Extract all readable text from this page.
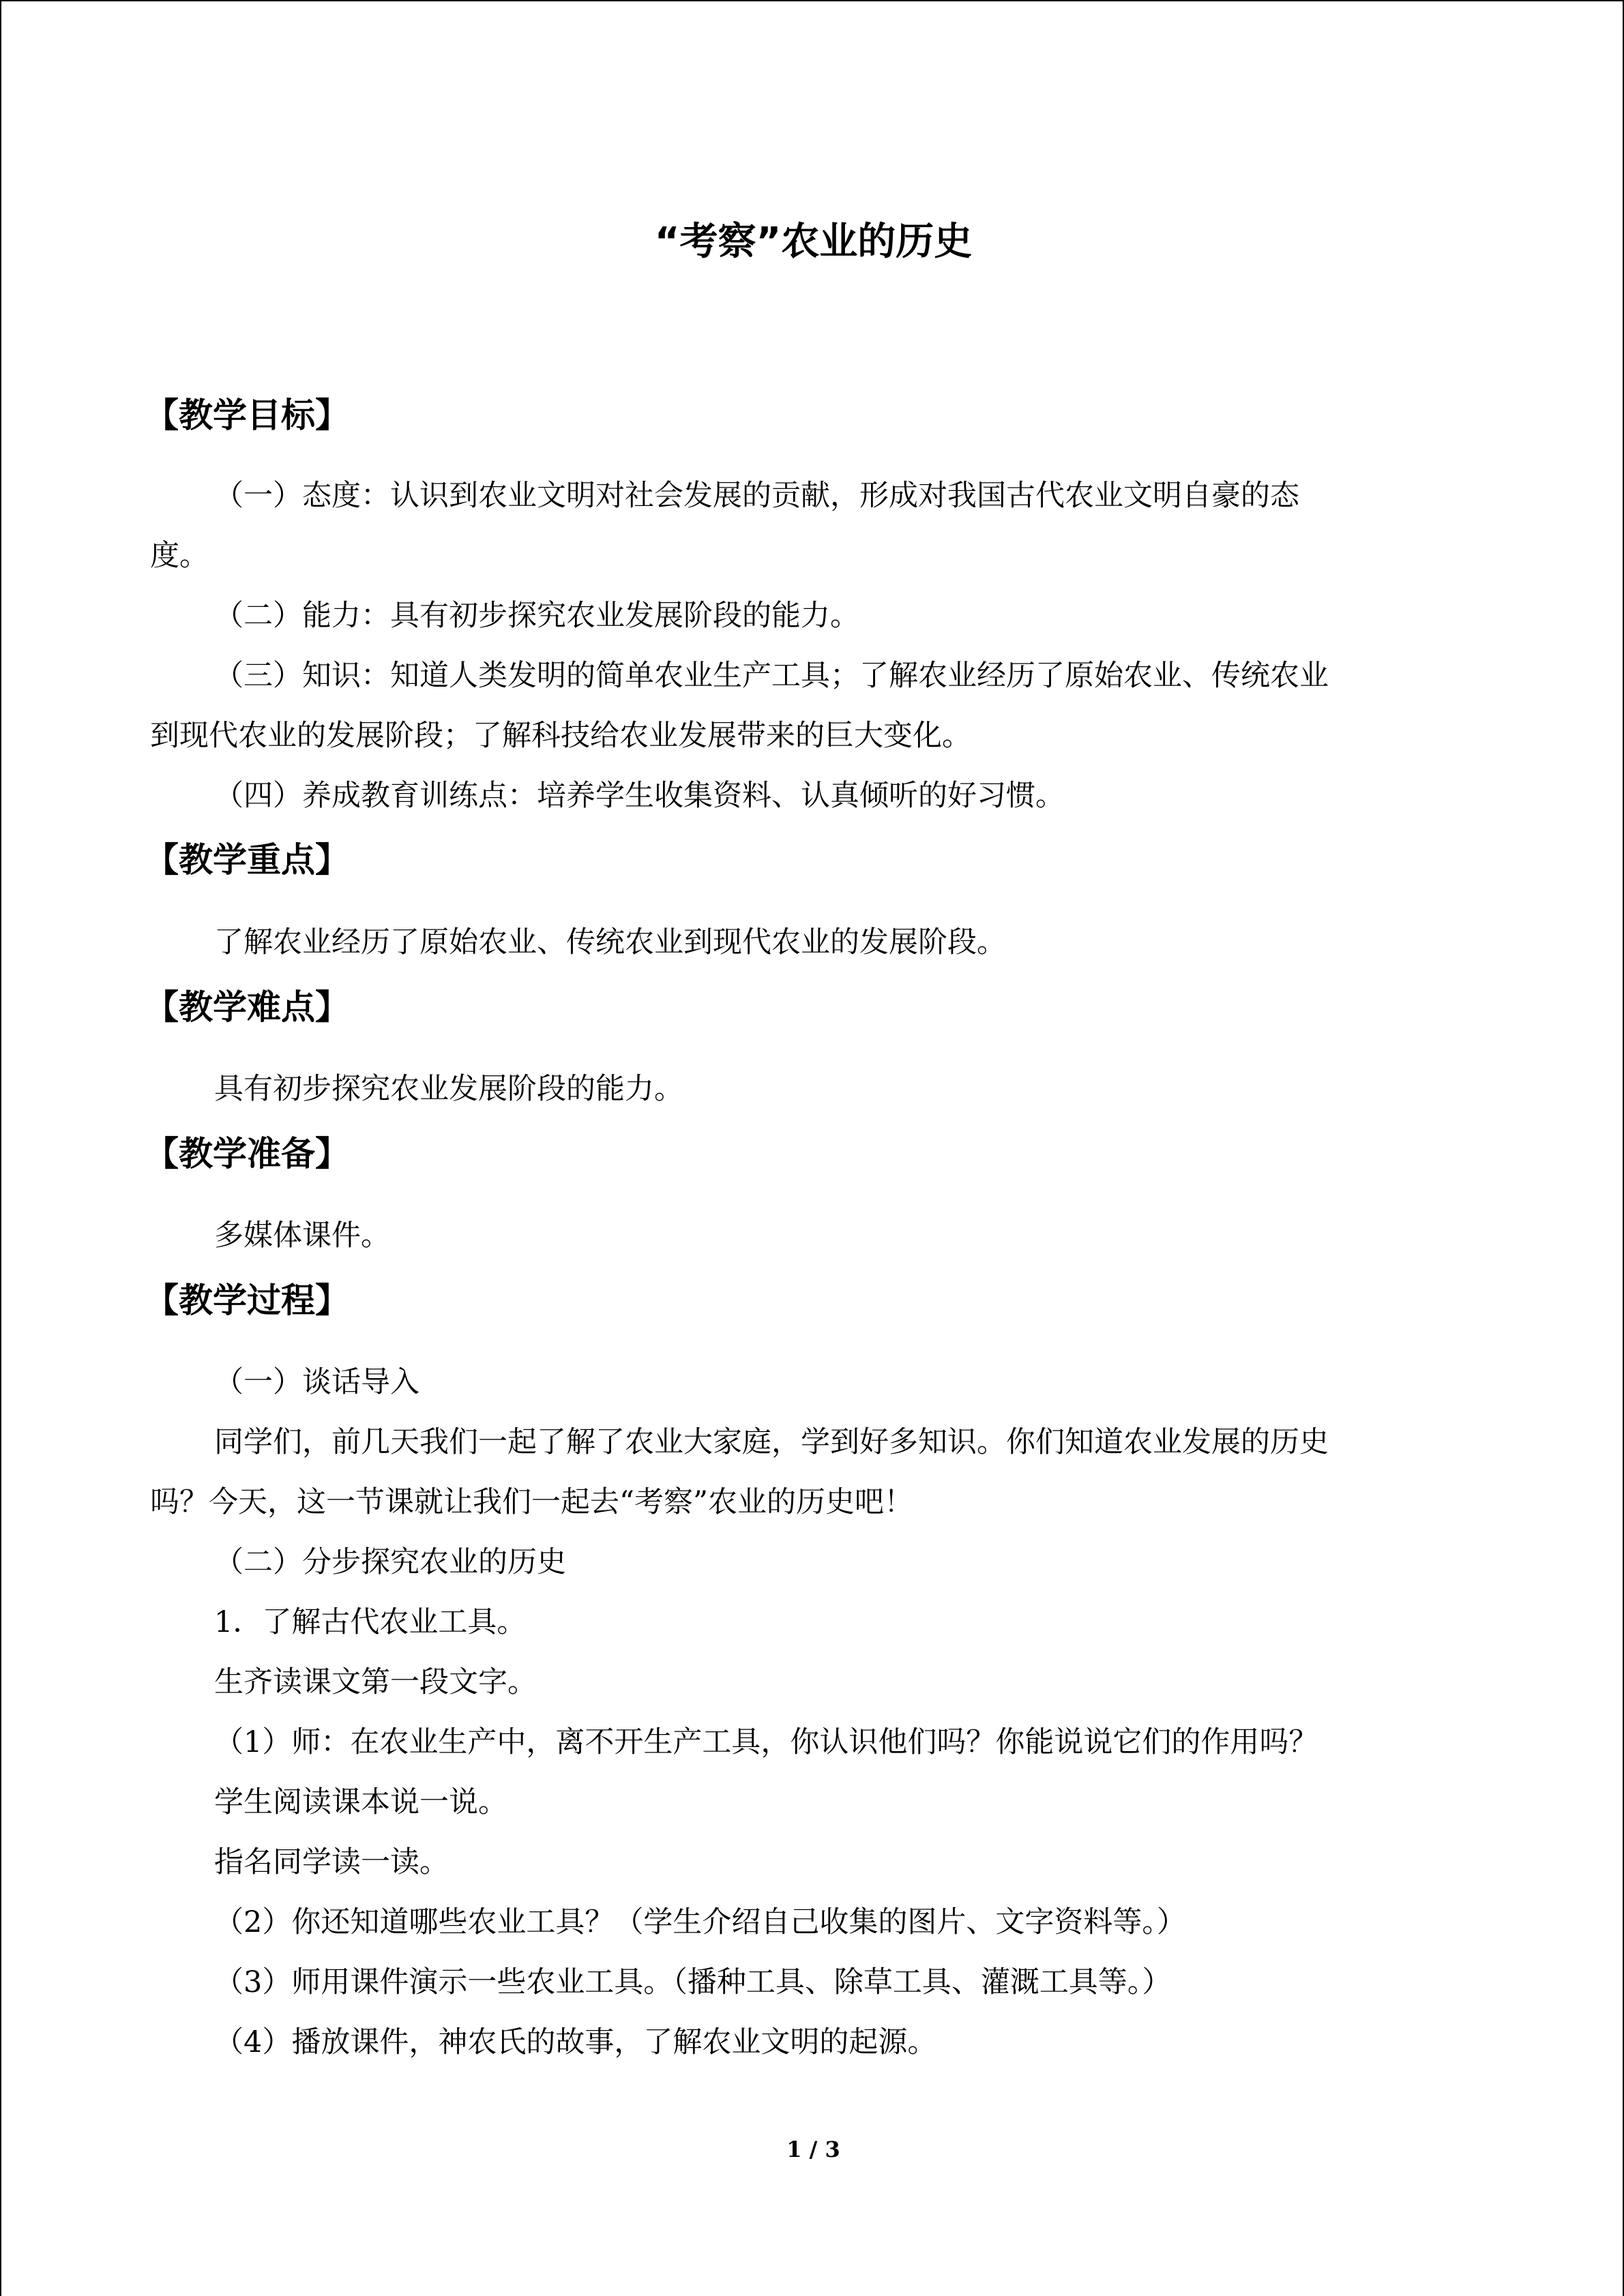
“考察”农业的历史
【教学目标】
（一）态度：认识到农业文明对社会发展的贡献，形成对我国古代农业文明自豪的态
度。
（二）能力：具有初步探究农业发展阶段的能力。
（三）知识：知道人类发明的简单农业生产工具；了解农业经历了原始农业、传统农业
到现代农业的发展阶段；了解科技给农业发展带来的巨大变化。
（四）养成教育训练点：培养学生收集资料、认真倾听的好习惯。
【教学重点】
了解农业经历了原始农业、传统农业到现代农业的发展阶段。
【教学难点】
具有初步探究农业发展阶段的能力。
【教学准备】
多媒体课件。
【教学过程】
（一）谈话导入
同学们，前几天我们一起了解了农业大家庭，学到好多知识。你们知道农业发展的历史
吗？今天，这一节课就让我们一起去“考察”农业的历史吧！
（二）分步探究农业的历史
1．了解古代农业工具。
生齐读课文第一段文字。
（1）师：在农业生产中，离不开生产工具，你认识他们吗？你能说说它们的作用吗？
学生阅读课本说一说。
指名同学读一读。
（2）你还知道哪些农业工具？（学生介绍自己收集的图片、文字资料等。）
（3）师用课件演示一些农业工具。（播种工具、除草工具、灌溉工具等。）
（4）播放课件，神农氏的故事，了解农业文明的起源。
1 / 3
